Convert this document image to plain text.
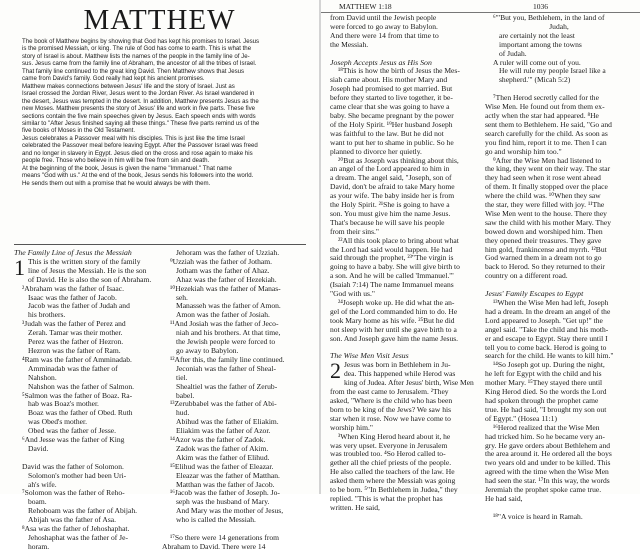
MATTHEW

The book of Matthew begins by showing that God has kept his promises to Israel. Jesus
is the promised Messiah, or king. The rule of God has come to earth. This is what the
story of Israel is about. Matthew lists the names of the people in the family line of Je-
sus. Jesus came from the family line of Abraham, the ancestor of all the tribes of Israel.
That family line continued to the great king David. Then Matthew shows that Jesus
came from David's family. God really had kept his ancient promises.

Matthew makes connections between Jesus' life and the story of Israel. Just as
Israel crossed the Jordan River, Jesus went to the Jordan River. As Israel wandered in
the desert, Jesus was tempted in the desert. In addition, Matthew presents Jesus as the
new Moses. Matthew presents the story of Jesus' life and work in five parts. These five
sections contain the five main speeches given by Jesus. Each speech ends with words
similar to "After Jesus finished saying all these things." These five parts remind us of the
five books of Moses in the Old Testament.

Jesus celebrates a Passover meal with his disciples. This is just like the time Israel
celebrated the Passover meal before leaving Egypt. After the Passover Israel was freed
and no longer in slavery in Egypt. Jesus died on the cross and rose again to make his
people free. Those who believe in him will be free from sin and death.

At the beginning of the book, Jesus is given the name "Immanuel." That name
means "God with us." At the end of the book, Jesus sends his followers into the world.
He sends them out with a promise that he would always be with them.

The Family Line of Jesus the Messiah
1 This is the written story of the family
line of Jesus the Messiah. He is the son
of David. He is also the son of Abraham.
²Abraham was the father of Isaac.
Isaac was the father of Jacob.
Jacob was the father of Judah and
his brothers.
³Judah was the father of Perez and
Zerah. Tamar was their mother.
Perez was the father of Hezron.
Hezron was the father of Ram.
⁴Ram was the father of Amminadab.
Amminadab was the father of
Nahshon.
Nahshon was the father of Salmon.
⁵Salmon was the father of Boaz. Ra-
hab was Boaz's mother.
Boaz was the father of Obed. Ruth
was Obed's mother.
Obed was the father of Jesse.
⁶And Jesse was the father of King
David.

David was the father of Solomon.
Solomon's mother had been Uri-
ah's wife.
⁷Solomon was the father of Reho-
boam.
Rehoboam was the father of Abijah.
Abijah was the father of Asa.
⁸Asa was the father of Jehoshaphat.
Jehoshaphat was the father of Je-
horam.
Jehoram was the father of Uzziah.
⁹Uzziah was the father of Jotham.
Jotham was the father of Ahaz.
Ahaz was the father of Hezekiah.
¹⁰Hezekiah was the father of Manas-
seh.
Manasseh was the father of Amon.
Amon was the father of Josiah.
¹¹And Josiah was the father of Jeco-
niah and his brothers. At that time,
the Jewish people were forced to
go away to Babylon.
¹²After this, the family line continued.
Jeconiah was the father of Sheal-
tiel.
Shealtiel was the father of Zerub-
babel.
¹³Zerubbabel was the father of Abi-
hud.
Abihud was the father of Eliakim.
Eliakim was the father of Azor.
¹⁴Azor was the father of Zadok.
Zadok was the father of Akim.
Akim was the father of Elihud.
¹⁵Elihud was the father of Eleazar.
Eleazar was the father of Matthan.
Matthan was the father of Jacob.
¹⁶Jacob was the father of Joseph. Jo-
seph was the husband of Mary.
And Mary was the mother of Jesus,
who is called the Messiah.

¹⁷So there were 14 generations from
Abraham to David. There were 14
MATTHEW 1:18	1036
from David until the Jewish people
were forced to go away to Babylon.
And there were 14 from that time to
the Messiah.

Joseph Accepts Jesus as His Son
¹⁸This is how the birth of Jesus the Mes-
siah came about. His mother Mary and
Joseph had promised to get married. But
before they started to live together, it be-
came clear that she was going to have a
baby. She became pregnant by the power
of the Holy Spirit. ¹⁹Her husband Joseph
was faithful to the law. But he did not
want to put her to shame in public. So he
planned to divorce her quietly.
²⁰But as Joseph was thinking about this,
an angel of the Lord appeared to him in
a dream. The angel said, "Joseph, son of
David, don't be afraid to take Mary home
as your wife. The baby inside her is from
the Holy Spirit. ²¹She is going to have a
son. You must give him the name Jesus.
That's because he will save his people
from their sins."
²²All this took place to bring about what
the Lord had said would happen. He had
said through the prophet, ²³"The virgin is
going to have a baby. She will give birth to
a son. And he will be called 'Immanuel.'"
(Isaiah 7:14) The name Immanuel means
"God with us."
²⁴Joseph woke up. He did what the an-
gel of the Lord commanded him to do. He
took Mary home as his wife. ²⁵But he did
not sleep with her until she gave birth to a
son. And Joseph gave him the name Jesus.

The Wise Men Visit Jesus
2 Jesus was born in Bethlehem in Ju-
dea. This happened while Herod was
king of Judea. After Jesus' birth, Wise Men
from the east came to Jerusalem. ²They
asked, "Where is the child who has been
born to be king of the Jews? We saw his
star when it rose. Now we have come to
worship him."
³When King Herod heard about it, he
was very upset. Everyone in Jerusalem
was troubled too. ⁴So Herod called to-
gether all the chief priests of the people.
He also called the teachers of the law. He
asked them where the Messiah was going
to be born. ⁵"In Bethlehem in Judea," they
replied. "This is what the prophet has
written. He said,
⁶"'But you, Bethlehem, in the land of
Judah,
are certainly not the least
important among the towns
of Judah.
A ruler will come out of you.
He will rule my people Israel like a
shepherd.'" (Micah 5:2)

⁷Then Herod secretly called for the
Wise Men. He found out from them ex-
actly when the star had appeared. ⁸He
sent them to Bethlehem. He said, "Go and
search carefully for the child. As soon as
you find him, report it to me. Then I can
go and worship him too."
⁹After the Wise Men had listened to
the king, they went on their way. The star
they had seen when it rose went ahead
of them. It finally stopped over the place
where the child was. ¹⁰When they saw
the star, they were filled with joy. ¹¹The
Wise Men went to the house. There they
saw the child with his mother Mary. They
bowed down and worshiped him. Then
they opened their treasures. They gave
him gold, frankincense and myrrh. ¹²But
God warned them in a dream not to go
back to Herod. So they returned to their
country on a different road.

Jesus' Family Escapes to Egypt
¹³When the Wise Men had left, Joseph
had a dream. In the dream an angel of the
Lord appeared to Joseph. "Get up!" the
angel said. "Take the child and his moth-
er and escape to Egypt. Stay there until I
tell you to come back. Herod is going to
search for the child. He wants to kill him."
¹⁴So Joseph got up. During the night,
he left for Egypt with the child and his
mother Mary. ¹⁵They stayed there until
King Herod died. So the words the Lord
had spoken through the prophet came
true. He had said, "I brought my son out
of Egypt." (Hosea 11:1)
¹⁶Herod realized that the Wise Men
had tricked him. So he became very an-
gry. He gave orders about Bethlehem and
the area around it. He ordered all the boys
two years old and under to be killed. This
agreed with the time when the Wise Men
had seen the star. ¹⁷In this way, the words
Jeremiah the prophet spoke came true.
He had said,

¹⁸"A voice is heard in Ramah.
